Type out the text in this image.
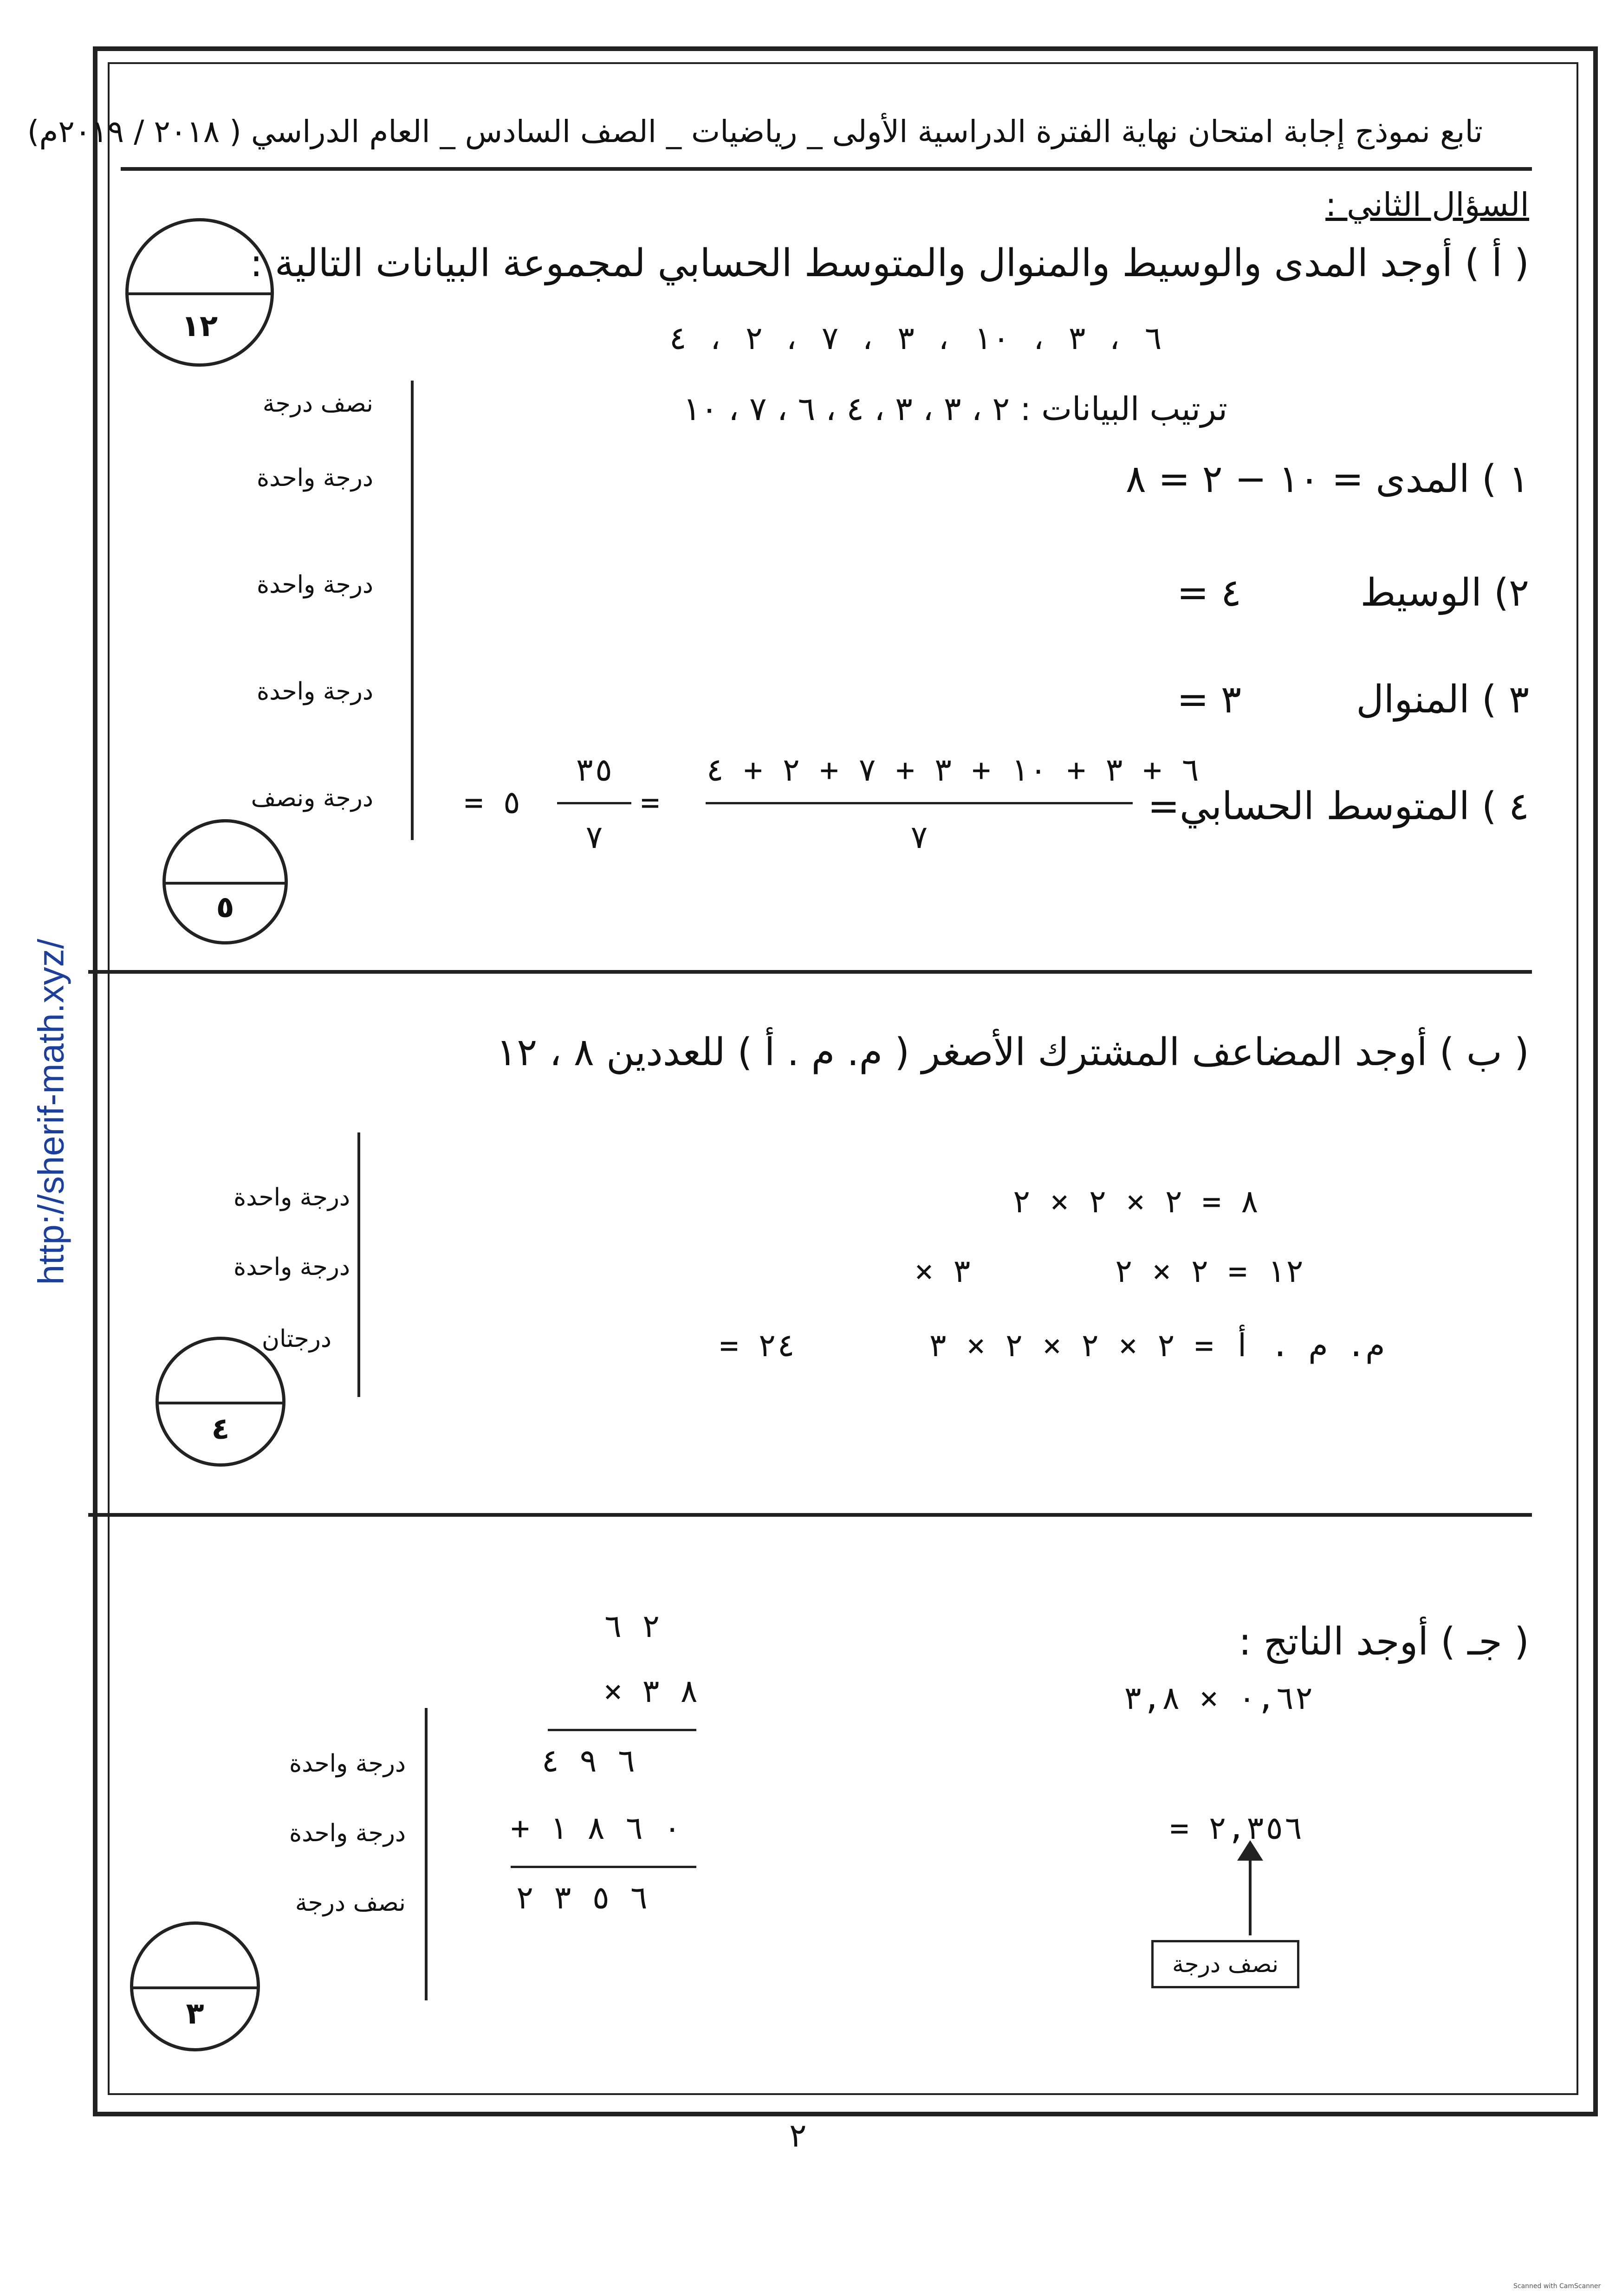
http://sherif-math.xyz/
تابع نموذج إجابة امتحان نهاية الفترة الدراسية الأولى _ رياضيات _ الصف السادس _ العام الدراسي ( ٢٠١٨ / ٢٠١٩م)
السؤال الثاني :
١٢
( أ ) أوجد المدى والوسيط والمنوال والمتوسط الحسابي لمجموعة البيانات التالية :
٦ ، ٣ ، ١٠ ، ٣ ، ٧ ، ٢ ، ٤
ترتيب البيانات : ٢ ، ٣ ، ٣ ، ٤ ، ٦ ، ٧ ، ١٠
١ ) المدى = ١٠ − ٢ = ٨
٢) الوسيط
= ٤
٣ ) المنوال
= ٣
٤ ) المتوسط الحسابي=
٦ + ٣ + ١٠ + ٣ + ٧ + ٢ + ٤
٧
=
٣٥
٧
= ٥
نصف درجة
درجة واحدة
درجة واحدة
درجة واحدة
درجة ونصف
٥
( ب ) أوجد المضاعف المشترك الأصغر ( م. م . أ ) للعددين ٨ ، ١٢
٨ = ٢ × ٢ × ٢
١٢ = ٢ × ٢
× ٣
م. م . أ = ٢ × ٢ × ٢ × ٣
= ٢٤
درجة واحدة
درجة واحدة
درجتان
٤
( جـ ) أوجد الناتج :
٠,٦٢ × ٣,٨
٢ ٦
× ٨ ٣
٦ ٩ ٤
+ ٠ ٦ ٨ ١
٦ ٥ ٣ ٢
درجة واحدة
درجة واحدة
نصف درجة
= ٢,٣٥٦
نصف درجة
٣
٢
Scanned with CamScanner
